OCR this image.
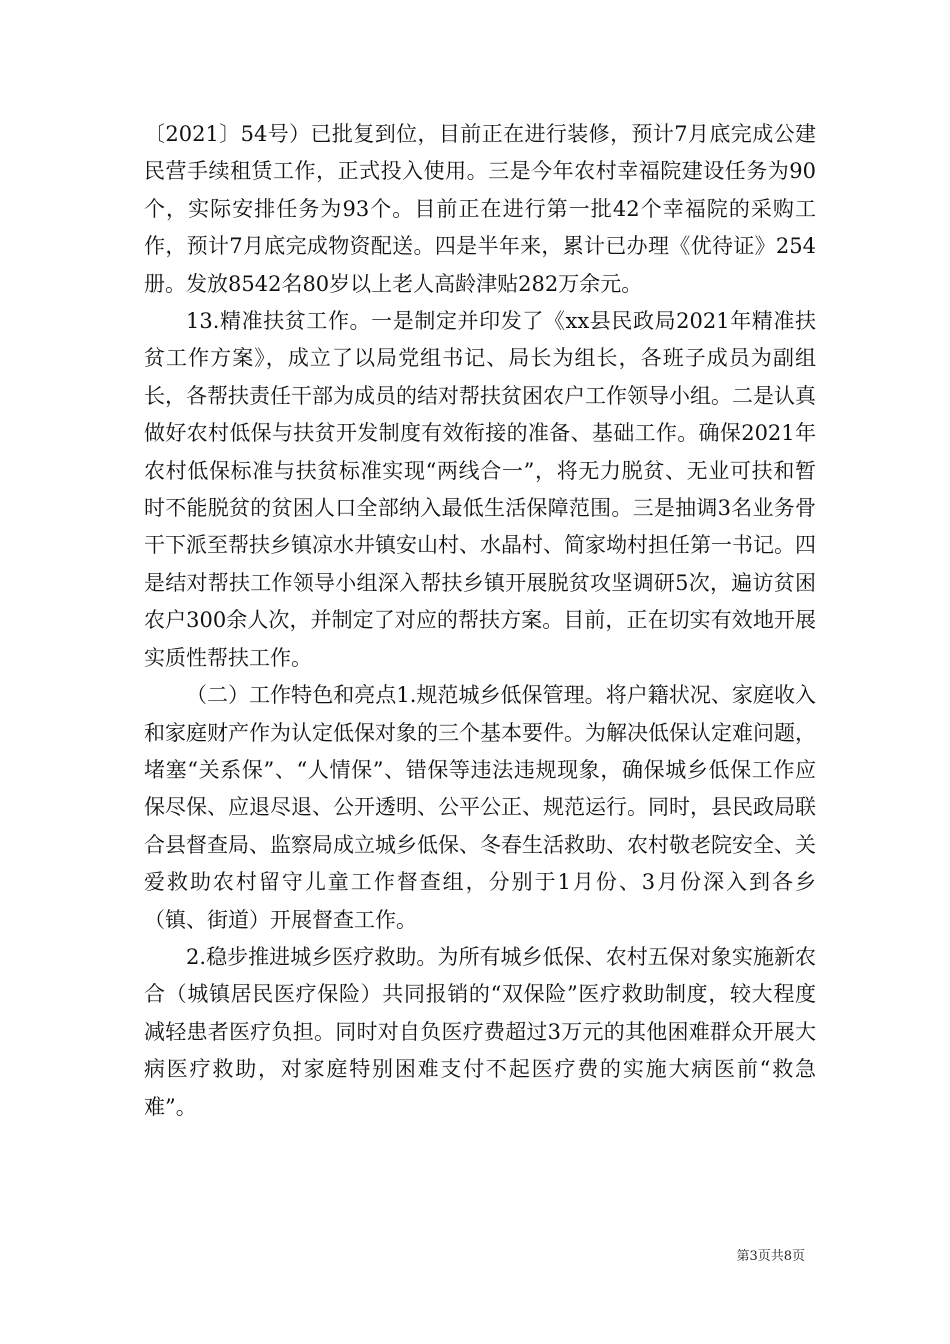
〔2021〕54号）已批复到位，目前正在进行装修，预计7月底完成公建民营手续租赁工作，正式投入使用。三是今年农村幸福院建设任务为90个，实际安排任务为93个。目前正在进行第一批42个幸福院的采购工作，预计7月底完成物资配送。四是半年来，累计已办理《优待证》254册。发放8542名80岁以上老人高龄津贴282万余元。

13.精准扶贫工作。一是制定并印发了《xx县民政局2021年精准扶贫工作方案》，成立了以局党组书记、局长为组长，各班子成员为副组长，各帮扶责任干部为成员的结对帮扶贫困农户工作领导小组。二是认真做好农村低保与扶贫开发制度有效衔接的准备、基础工作。确保2021年农村低保标准与扶贫标准实现“两线合一”，将无力脱贫、无业可扶和暂时不能脱贫的贫困人口全部纳入最低生活保障范围。三是抽调3名业务骨干下派至帮扶乡镇凉水井镇安山村、水晶村、简家坳村担任第一书记。四是结对帮扶工作领导小组深入帮扶乡镇开展脱贫攻坚调研5次，遍访贫困农户300余人次，并制定了对应的帮扶方案。目前，正在切实有效地开展实质性帮扶工作。

（二）工作特色和亮点1.规范城乡低保管理。将户籍状况、家庭收入和家庭财产作为认定低保对象的三个基本要件。为解决低保认定难问题，堵塞“关系保”、“人情保”、错保等违法违规现象，确保城乡低保工作应保尽保、应退尽退、公开透明、公平公正、规范运行。同时，县民政局联合县督查局、监察局成立城乡低保、冬春生活救助、农村敬老院安全、关爱救助农村留守儿童工作督查组，分别于1月份、3月份深入到各乡（镇、街道）开展督查工作。

2.稳步推进城乡医疗救助。为所有城乡低保、农村五保对象实施新农合（城镇居民医疗保险）共同报销的“双保险”医疗救助制度，较大程度减轻患者医疗负担。同时对自负医疗费超过3万元的其他困难群众开展大病医疗救助，对家庭特别困难支付不起医疗费的实施大病医前“救急难”。

第3页共8页
